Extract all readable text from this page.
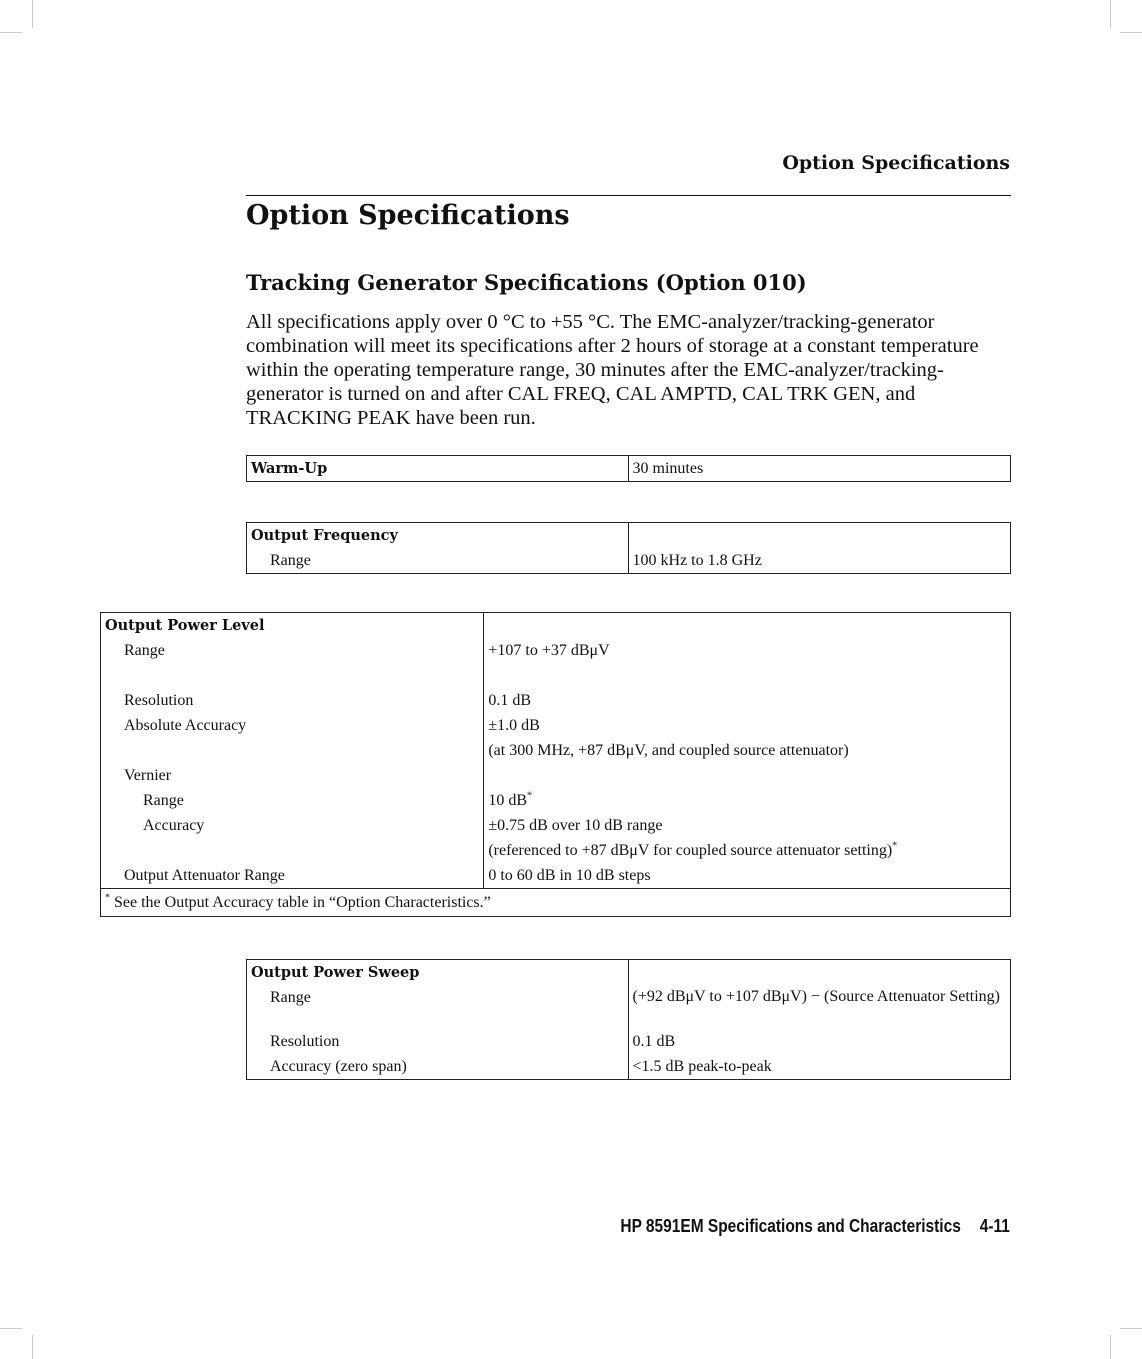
Option Specifications
Option Specifications
Tracking Generator Specifications (Option 010)

All specifications apply over 0 °C to +55 °C. The EMC-analyzer/tracking-generator combination will meet its specifications after 2 hours of storage at a constant temperature within the operating temperature range, 30 minutes after the EMC-analyzer/tracking-generator is turned on and after CAL FREQ, CAL AMPTD, CAL TRK GEN, and TRACKING PEAK have been run.

Warm-Up	30 minutes
Output Frequency	
Range	100 kHz to 1.8 GHz
Output Power Level	
Range	+107 to +37 dBμV

Resolution	0.1 dB
Absolute Accuracy	±1.0 dB
	(at 300 MHz, +87 dBμV, and coupled source attenuator)
Vernier	
Range	10 dB*
Accuracy	±0.75 dB over 10 dB range
	(referenced to +87 dBμV for coupled source attenuator setting)*
Output Attenuator Range	0 to 60 dB in 10 dB steps
* See the Output Accuracy table in “Option Characteristics.”	
Output Power Sweep	
Range	(+92 dBμV to +107 dBμV) − (Source Attenuator Setting)
Resolution	0.1 dB
Accuracy (zero span)	<1.5 dB peak-to-peak
HP 8591EM Specifications and Characteristics 4-11
